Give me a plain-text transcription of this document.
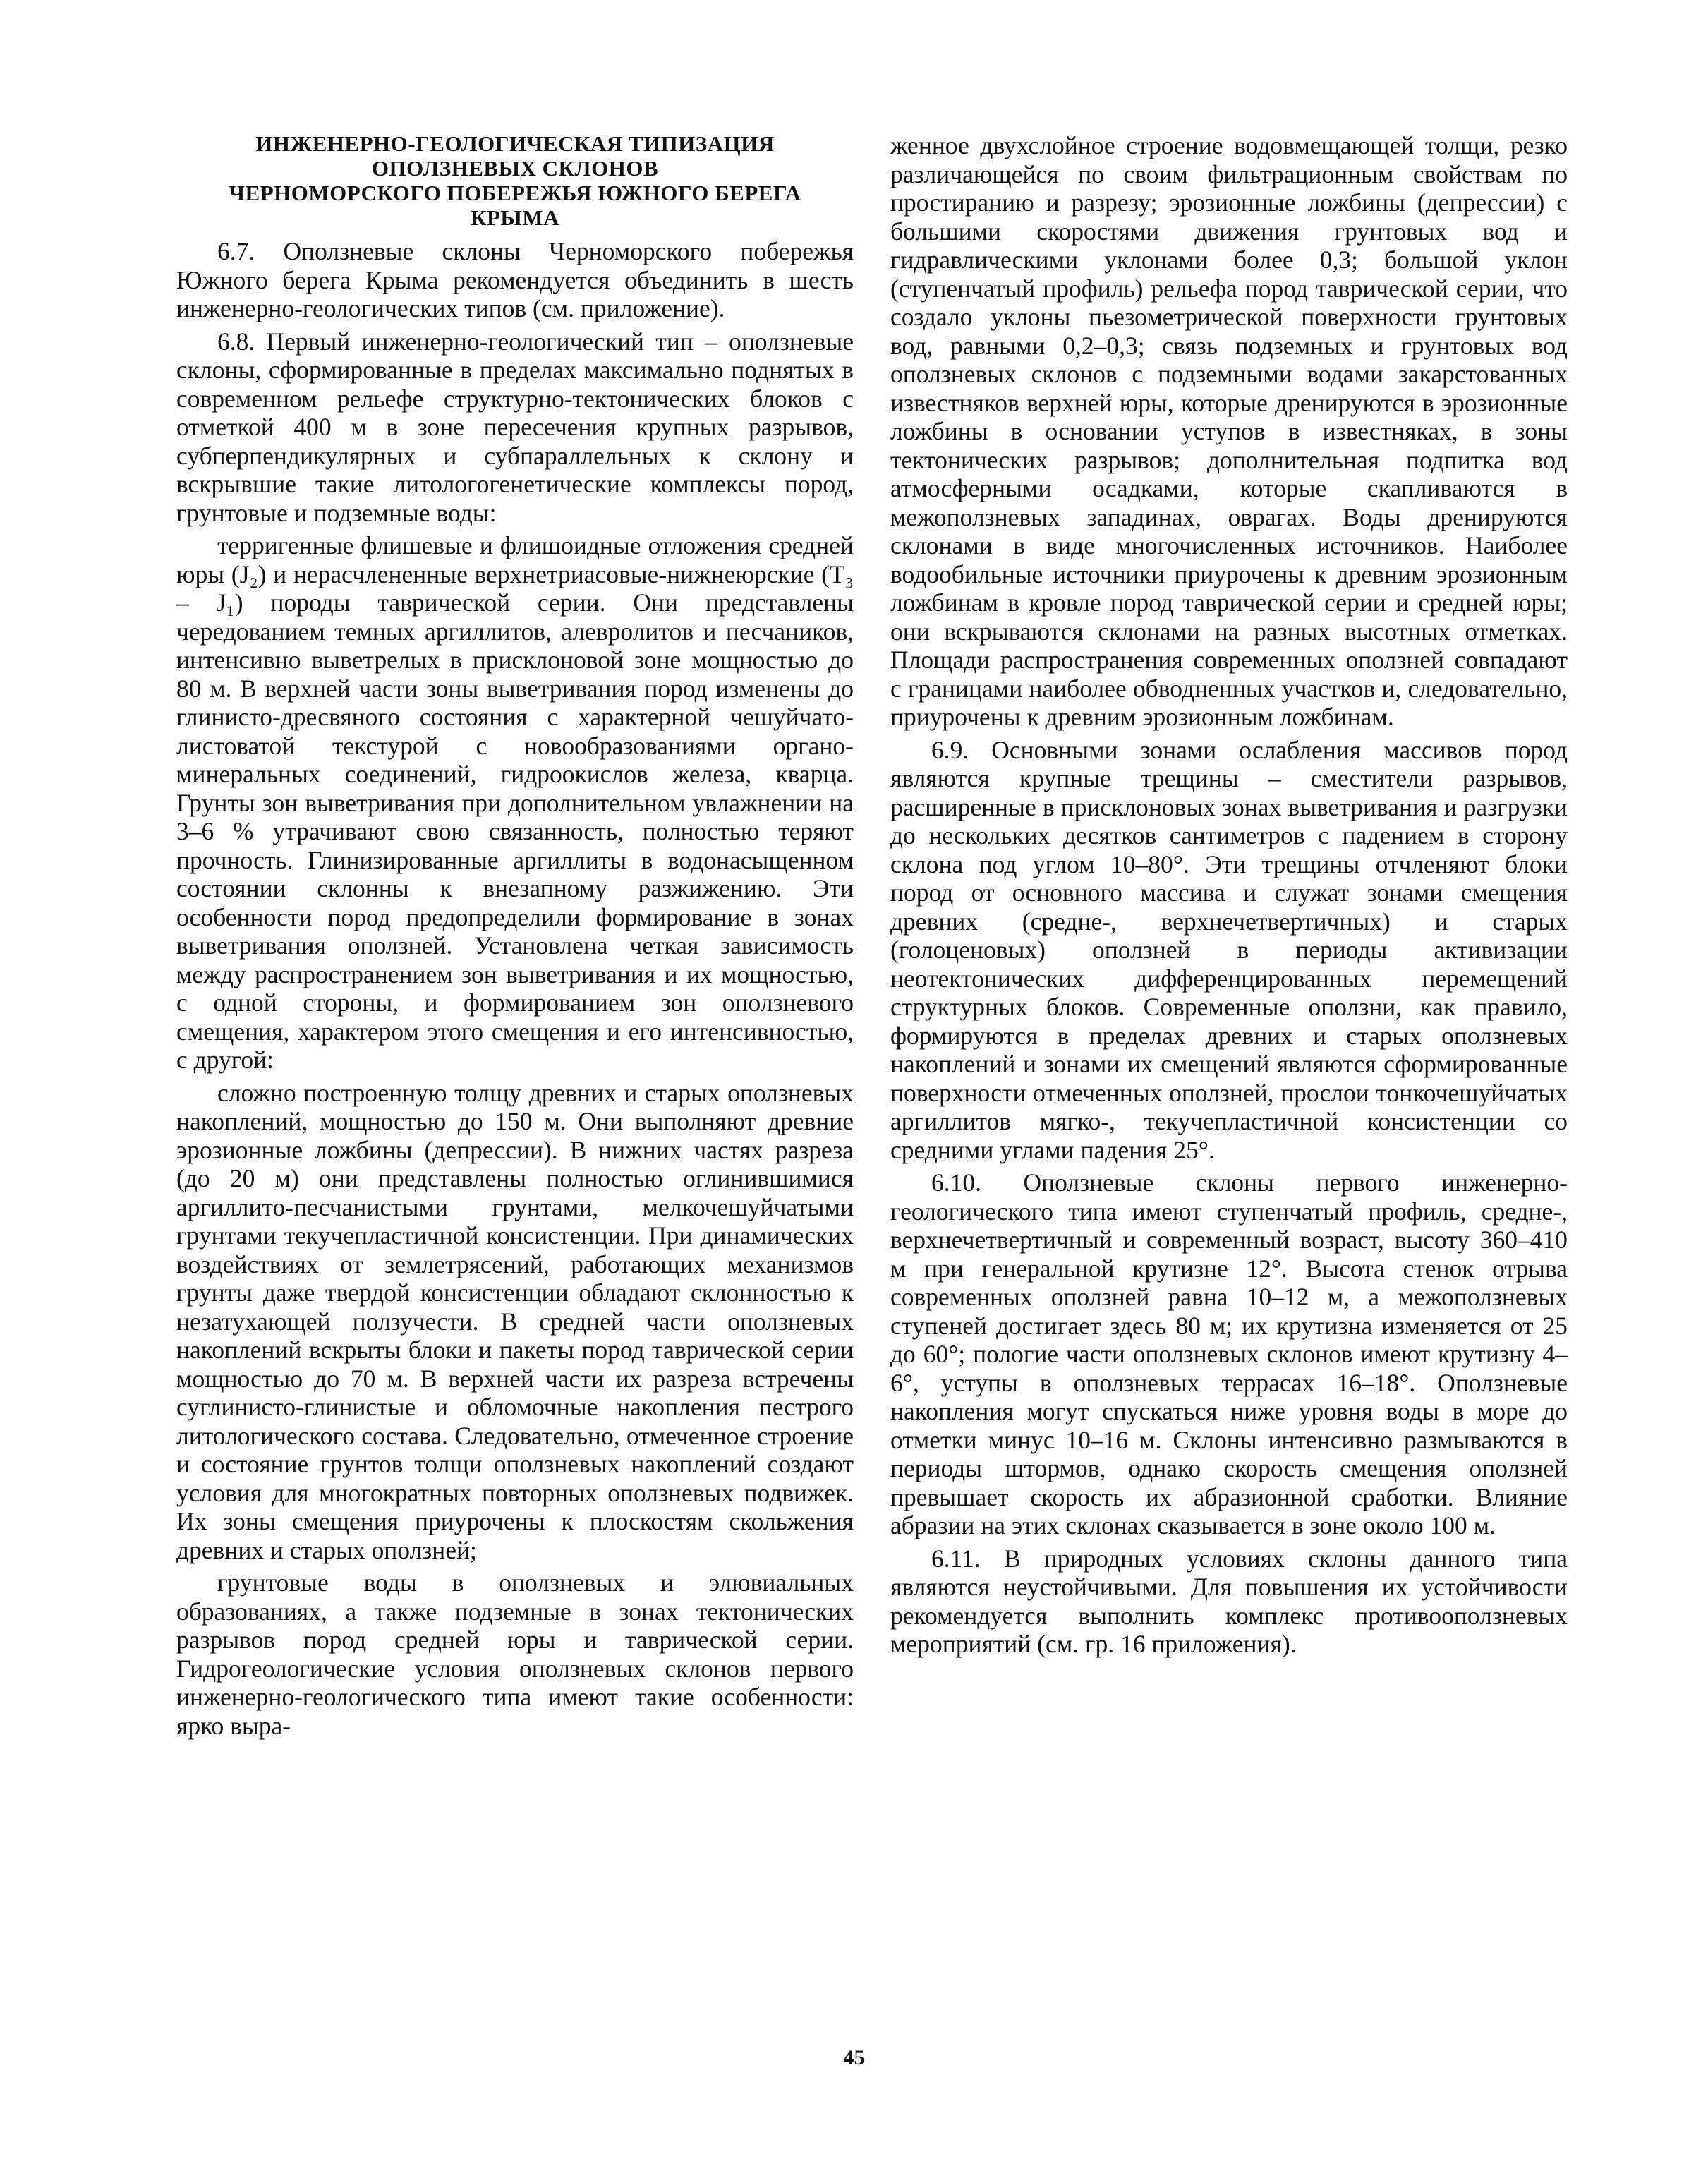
ИНЖЕНЕРНО-ГЕОЛОГИЧЕСКАЯ ТИПИЗАЦИЯ
ОПОЛЗНЕВЫХ СКЛОНОВ
ЧЕРНОМОРСКОГО ПОБЕРЕЖЬЯ ЮЖНОГО БЕРЕГА
КРЫМА

6.7. Оползневые склоны Черноморского побережья Южного берега Крыма рекомендуется объединить в шесть инженерно-геологических типов (см. приложение).

6.8. Первый инженерно-геологический тип – оползневые склоны, сформированные в пределах максимально поднятых в современном рельефе структурно-тектонических блоков с отметкой 400 м в зоне пересечения крупных разрывов, субперпендикулярных и субпараллельных к склону и вскрывшие такие литологогенетические комплексы пород, грунтовые и подземные воды:

терригенные флишевые и флишоидные отложения средней юры (J₂) и нерасчлененные верхнетриасовые-нижнеюрские (T₃ – J₁) породы таврической серии. Они представлены чередованием темных аргиллитов, алевролитов и песчаников, интенсивно выветрелых в присклоновой зоне мощностью до 80 м. В верхней части зоны выветривания пород изменены до глинисто-дресвяного состояния с характерной чешуйчато-листоватой текстурой с новообразованиями органо-минеральных соединений, гидроокислов железа, кварца. Грунты зон выветривания при дополнительном увлажнении на 3–6 % утрачивают свою связанность, полностью теряют прочность. Глинизированные аргиллиты в водонасыщенном состоянии склонны к внезапному разжижению. Эти особенности пород предопределили формирование в зонах выветривания оползней. Установлена четкая зависимость между распространением зон выветривания и их мощностью, с одной стороны, и формированием зон оползневого смещения, характером этого смещения и его интенсивностью, с другой:

сложно построенную толщу древних и старых оползневых накоплений, мощностью до 150 м. Они выполняют древние эрозионные ложбины (депрессии). В нижних частях разреза (до 20 м) они представлены полностью оглинившимися аргиллито-песчанистыми грунтами, мелкочешуйчатыми грунтами текучепластичной консистенции. При динамических воздействиях от землетрясений, работающих механизмов грунты даже твердой консистенции обладают склонностью к незатухающей ползучести. В средней части оползневых накоплений вскрыты блоки и пакеты пород таврической серии мощностью до 70 м. В верхней части их разреза встречены суглинисто-глинистые и обломочные накопления пестрого литологического состава. Следовательно, отмеченное строение и состояние грунтов толщи оползневых накоплений создают условия для многократных повторных оползневых подвижек. Их зоны смещения приурочены к плоскостям скольжения древних и старых оползней;

грунтовые воды в оползневых и элювиальных образованиях, а также подземные в зонах тектонических разрывов пород средней юры и таврической серии. Гидрогеологические условия оползневых склонов первого инженерно-геологического типа имеют такие особенности: ярко выра-

женное двухслойное строение водовмещающей толщи, резко различающейся по своим фильтрационным свойствам по простиранию и разрезу; эрозионные ложбины (депрессии) с большими скоростями движения грунтовых вод и гидравлическими уклонами более 0,3; большой уклон (ступенчатый профиль) рельефа пород таврической серии, что создало уклоны пьезометрической поверхности грунтовых вод, равными 0,2–0,3; связь подземных и грунтовых вод оползневых склонов с подземными водами закарстованных известняков верхней юры, которые дренируются в эрозионные ложбины в основании уступов в известняках, в зоны тектонических разрывов; дополнительная подпитка вод атмосферными осадками, которые скапливаются в межоползневых западинах, оврагах. Воды дренируются склонами в виде многочисленных источников. Наиболее водообильные источники приурочены к древним эрозионным ложбинам в кровле пород таврической серии и средней юры; они вскрываются склонами на разных высотных отметках. Площади распространения современных оползней совпадают с границами наиболее обводненных участков и, следовательно, приурочены к древним эрозионным ложбинам.

6.9. Основными зонами ослабления массивов пород являются крупные трещины – сместители разрывов, расширенные в присклоновых зонах выветривания и разгрузки до нескольких десятков сантиметров с падением в сторону склона под углом 10–80°. Эти трещины отчленяют блоки пород от основного массива и служат зонами смещения древних (средне-, верхнечетвертичных) и старых (голоценовых) оползней в периоды активизации неотектонических дифференцированных перемещений структурных блоков. Современные оползни, как правило, формируются в пределах древних и старых оползневых накоплений и зонами их смещений являются сформированные поверхности отмеченных оползней, прослои тонкочешуйчатых аргиллитов мягко-, текучепластичной консистенции со средними углами падения 25°.

6.10. Оползневые склоны первого инженерно-геологического типа имеют ступенчатый профиль, средне-, верхнечетвертичный и современный возраст, высоту 360–410 м при генеральной крутизне 12°. Высота стенок отрыва современных оползней равна 10–12 м, а межоползневых ступеней достигает здесь 80 м; их крутизна изменяется от 25 до 60°; пологие части оползневых склонов имеют крутизну 4–6°, уступы в оползневых террасах 16–18°. Оползневые накопления могут спускаться ниже уровня воды в море до отметки минус 10–16 м. Склоны интенсивно размываются в периоды штормов, однако скорость смещения оползней превышает скорость их абразионной сработки. Влияние абразии на этих склонах сказывается в зоне около 100 м.

6.11. В природных условиях склоны данного типа являются неустойчивыми. Для повышения их устойчивости рекомендуется выполнить комплекс противооползневых мероприятий (см. гр. 16 приложения).

45
